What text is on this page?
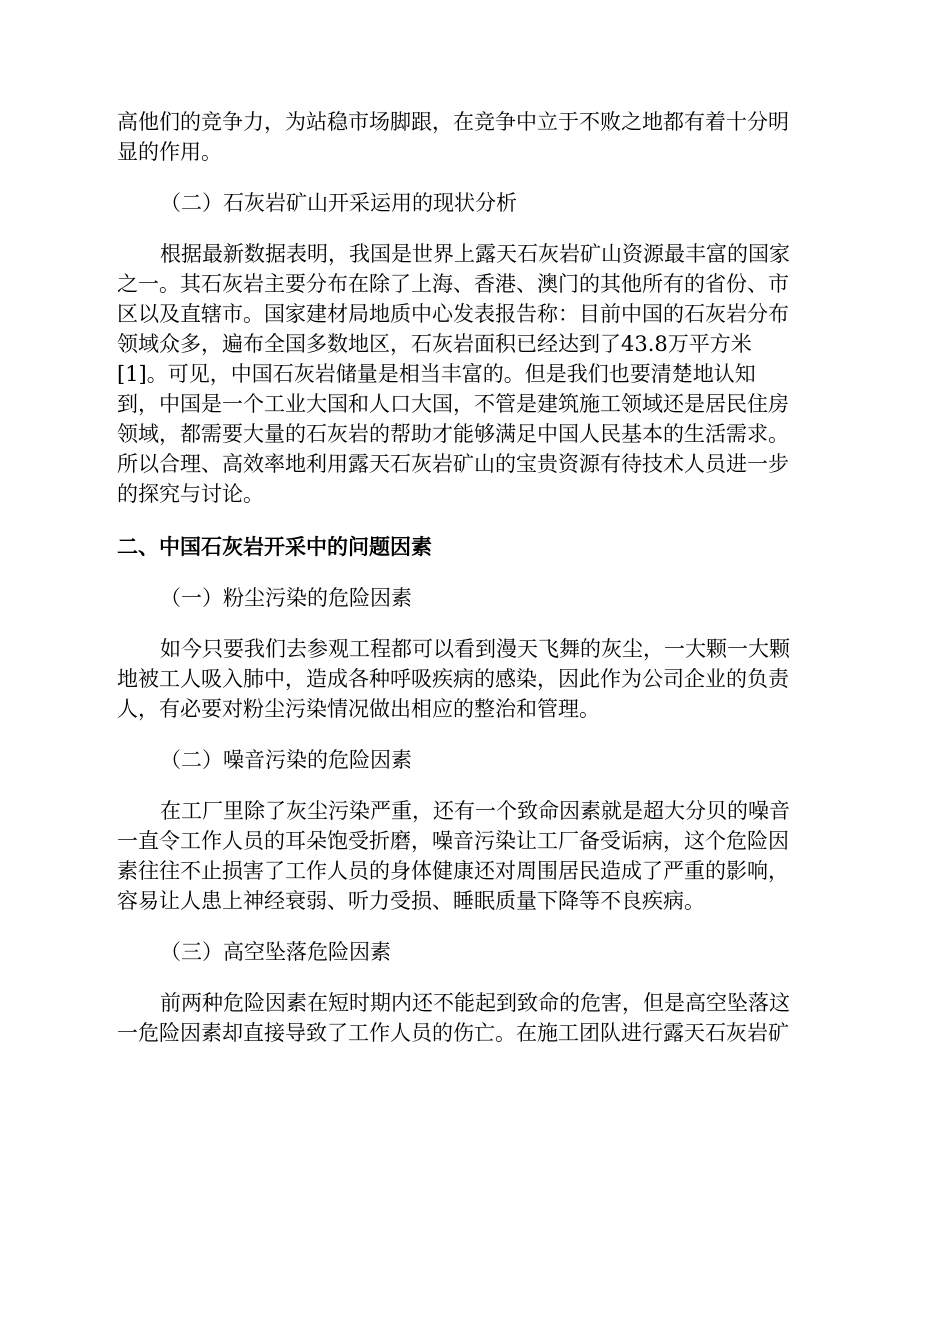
高他们的竞争力，为站稳市场脚跟，在竞争中立于不败之地都有着十分明
显的作用。
（二）石灰岩矿山开采运用的现状分析
根据最新数据表明，我国是世界上露天石灰岩矿山资源最丰富的国家
之一。其石灰岩主要分布在除了上海、香港、澳门的其他所有的省份、市
区以及直辖市。国家建材局地质中心发表报告称：目前中国的石灰岩分布
领域众多，遍布全国多数地区，石灰岩面积已经达到了43.8万平方米
[1]。可见，中国石灰岩储量是相当丰富的。但是我们也要清楚地认知
到，中国是一个工业大国和人口大国，不管是建筑施工领域还是居民住房
领域，都需要大量的石灰岩的帮助才能够满足中国人民基本的生活需求。
所以合理、高效率地利用露天石灰岩矿山的宝贵资源有待技术人员进一步
的探究与讨论。
二、中国石灰岩开采中的问题因素
（一）粉尘污染的危险因素
如今只要我们去参观工程都可以看到漫天飞舞的灰尘，一大颗一大颗
地被工人吸入肺中，造成各种呼吸疾病的感染，因此作为公司企业的负责
人，有必要对粉尘污染情况做出相应的整治和管理。
（二）噪音污染的危险因素
在工厂里除了灰尘污染严重，还有一个致命因素就是超大分贝的噪音
一直令工作人员的耳朵饱受折磨，噪音污染让工厂备受诟病，这个危险因
素往往不止损害了工作人员的身体健康还对周围居民造成了严重的影响，
容易让人患上神经衰弱、听力受损、睡眠质量下降等不良疾病。
（三）高空坠落危险因素
前两种危险因素在短时期内还不能起到致命的危害，但是高空坠落这
一危险因素却直接导致了工作人员的伤亡。在施工团队进行露天石灰岩矿
